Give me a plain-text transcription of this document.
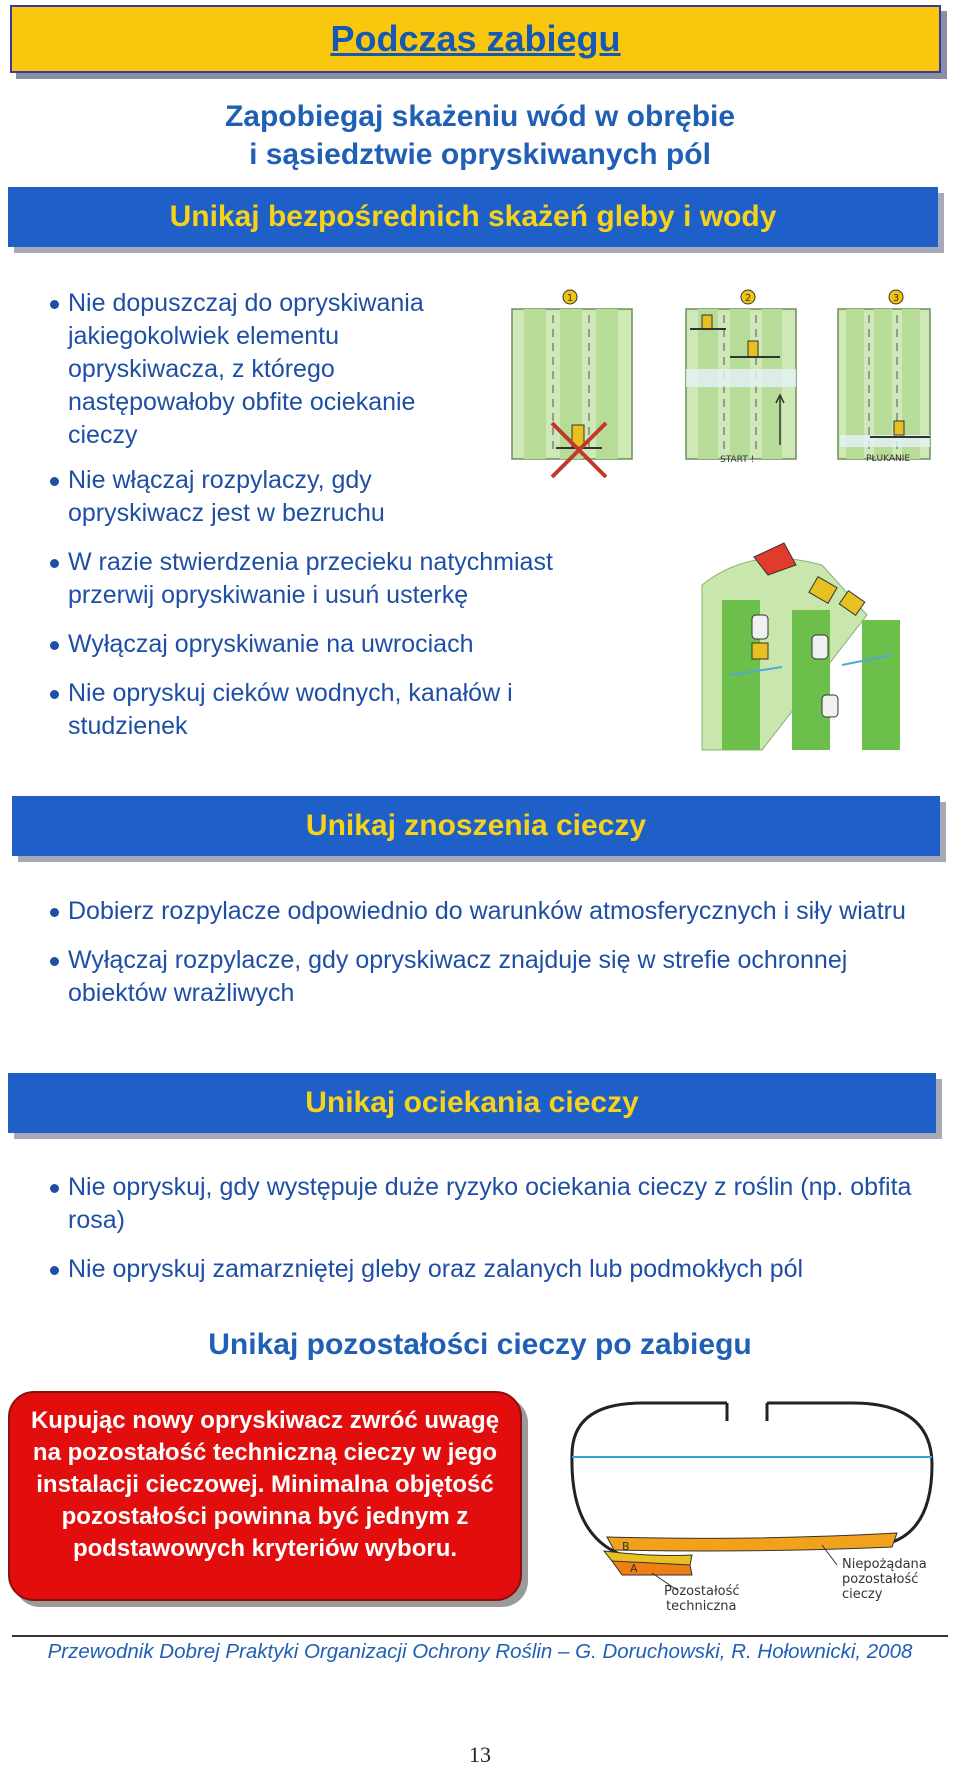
Podczas zabiegu
Zapobiegaj skażeniu wód w obrębie
i sąsiedztwie opryskiwanych pól
Unikaj bezpośrednich skażeń gleby i wody
Nie dopuszczaj do opryskiwania jakiegokolwiek elementu opryskiwacza, z którego następowałoby obfite ociekanie cieczy
Nie włączaj rozpylaczy, gdy opryskiwacz jest w bezruchu
W razie stwierdzenia przecieku natychmiast przerwij opryskiwanie i usuń usterkę
Wyłączaj opryskiwanie na uwrociach
Nie opryskuj cieków wodnych, kanałów i studzienek
1	2
START !
3
PŁUKANIE
Unikaj znoszenia cieczy
Dobierz rozpylacze odpowiednio do warunków atmosferycznych i siły wiatru
Wyłączaj rozpylacze, gdy opryskiwacz znajduje się w strefie ochronnej obiektów wrażliwych
Unikaj ociekania cieczy
Nie opryskuj, gdy występuje duże ryzyko ociekania cieczy z roślin (np. obfita rosa)
Nie opryskuj zamarzniętej gleby oraz zalanych lub podmokłych pól
Unikaj pozostałości cieczy po zabiegu
Kupując nowy opryskiwacz zwróć uwagę na pozostałość techniczną cieczy w jego instalacji cieczowej. Minimalna objętość pozostałości powinna być jednym z podstawowych kryteriów wyboru.	B
A
Pozostałość
techniczna
Niepożądana
pozostałość
cieczy
Przewodnik Dobrej Praktyki Organizacji Ochrony Roślin – G. Doruchowski, R. Hołownicki, 2008
13
